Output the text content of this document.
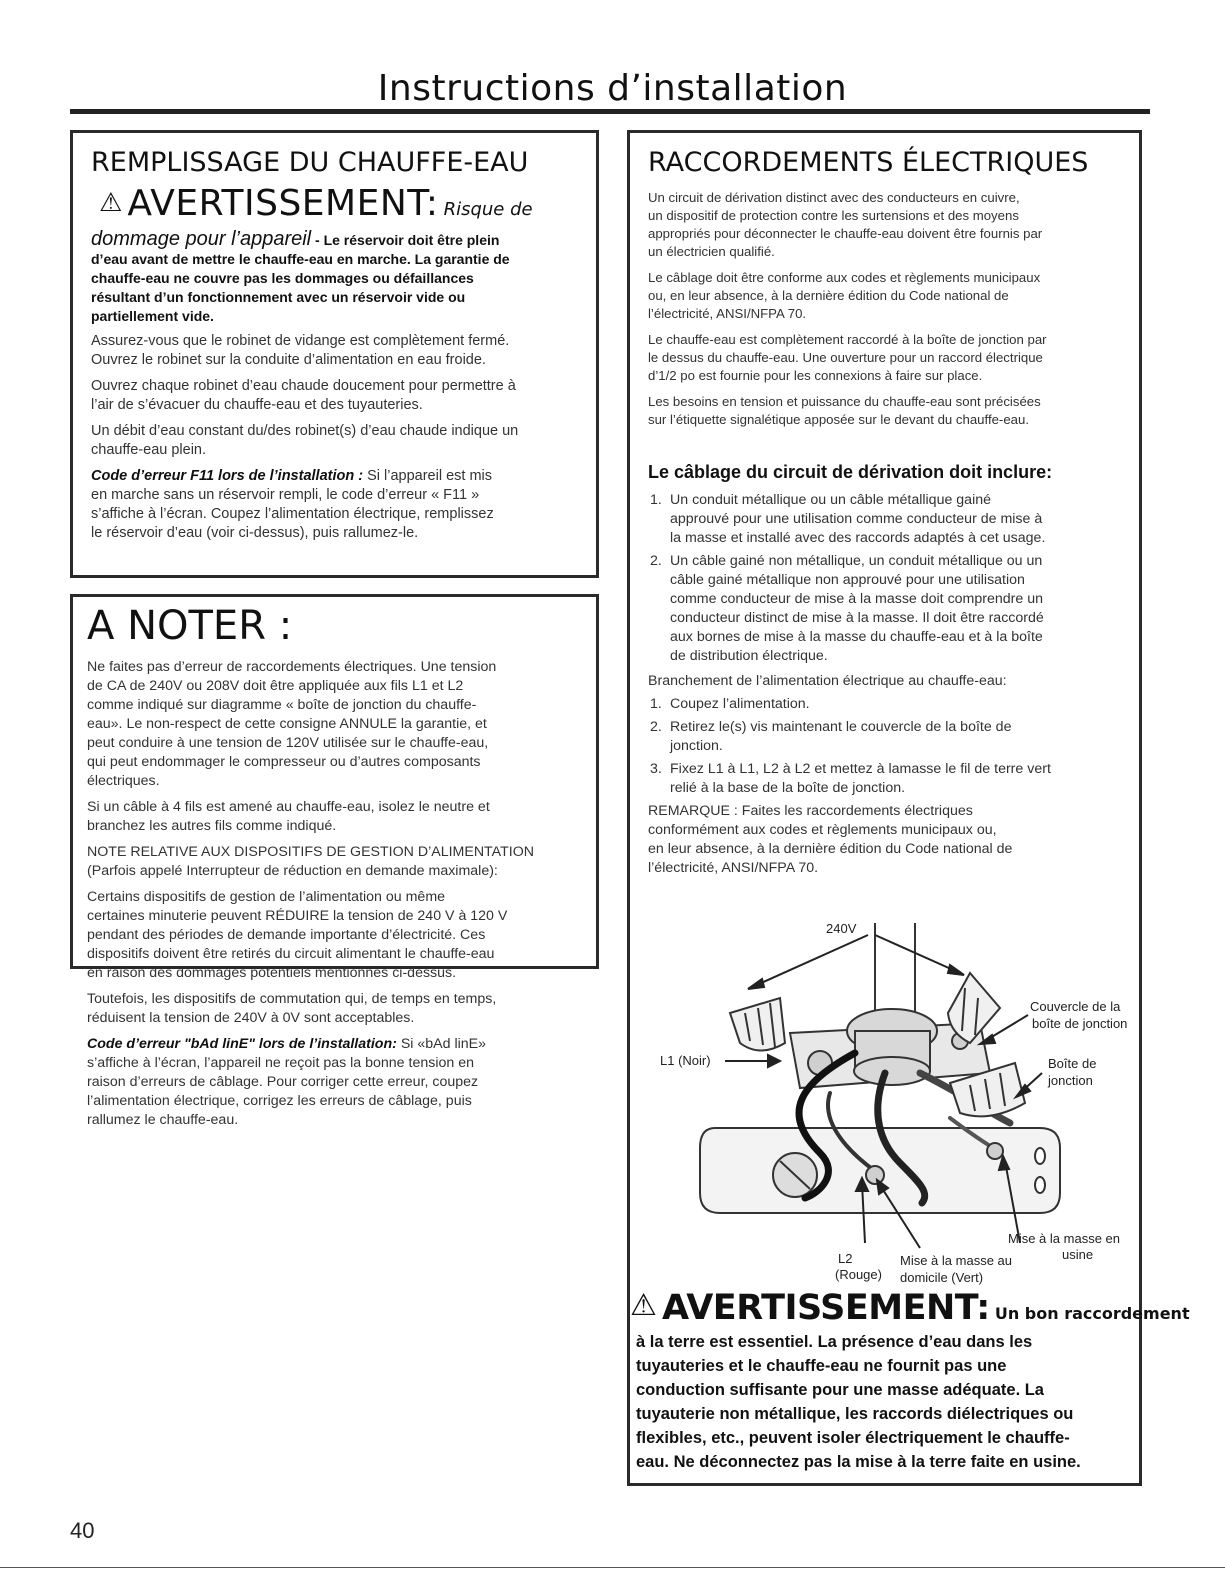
Instructions d’installation
REMPLISSAGE DU CHAUFFE-EAU
⚠ AVERTISSEMENT: Risque de
dommage pour l’appareil - Le réservoir doit être plein
d’eau avant de mettre le chauffe-eau en marche. La garantie de
chauffe-eau ne couvre pas les dommages ou défaillances
résultant d’un fonctionnement avec un réservoir vide ou
partiellement vide.
Assurez-vous que le robinet de vidange est complètement fermé.
Ouvrez le robinet sur la conduite d’alimentation en eau froide.
Ouvrez chaque robinet d’eau chaude doucement pour permettre à
l’air de s’évacuer du chauffe-eau et des tuyauteries.
Un débit d’eau constant du/des robinet(s) d’eau chaude indique un
chauffe-eau plein.
Code d’erreur F11 lors de l’installation : Si l’appareil est mis
en marche sans un réservoir rempli, le code d’erreur « F11 »
s’affiche à l’écran. Coupez l’alimentation électrique, remplissez
le réservoir d’eau (voir ci-dessus), puis rallumez-le.
A NOTER :
Ne faites pas d’erreur de raccordements électriques. Une tension
de CA de 240V ou 208V doit être appliquée aux fils L1 et L2
comme indiqué sur diagramme « boîte de jonction du chauffe-
eau». Le non-respect de cette consigne ANNULE la garantie, et
peut conduire à une tension de 120V utilisée sur le chauffe-eau,
qui peut endommager le compresseur ou d’autres composants
électriques.
Si un câble à 4 fils est amené au chauffe-eau, isolez le neutre et
branchez les autres fils comme indiqué.
NOTE RELATIVE AUX DISPOSITIFS DE GESTION D’ALIMENTATION
(Parfois appelé Interrupteur de réduction en demande maximale):
Certains dispositifs de gestion de l’alimentation ou même
certaines minuterie peuvent RÉDUIRE la tension de 240 V à 120 V
pendant des périodes de demande importante d’électricité. Ces
dispositifs doivent être retirés du circuit alimentant le chauffe-eau
en raison des dommages potentiels mentionnés ci-dessus.
Toutefois, les dispositifs de commutation qui, de temps en temps,
réduisent la tension de 240V à 0V sont acceptables.
Code d’erreur "bAd linE" lors de l’installation: Si «bAd linE»
s’affiche à l’écran, l’appareil ne reçoit pas la bonne tension en
raison d’erreurs de câblage. Pour corriger cette erreur, coupez
l’alimentation électrique, corrigez les erreurs de câblage, puis
rallumez le chauffe-eau.
RACCORDEMENTS ÉLECTRIQUES
Un circuit de dérivation distinct avec des conducteurs en cuivre,
un dispositif de protection contre les surtensions et des moyens
appropriés pour déconnecter le chauffe-eau doivent être fournis par
un électricien qualifié.
Le câblage doit être conforme aux codes et règlements municipaux
ou, en leur absence, à la dernière édition du Code national de
l’électricité, ANSI/NFPA 70.
Le chauffe-eau est complètement raccordé à la boîte de jonction par
le dessus du chauffe-eau. Une ouverture pour un raccord électrique
d’1/2 po est fournie pour les connexions à faire sur place.
Les besoins en tension et puissance du chauffe-eau sont précisées
sur l’étiquette signalétique apposée sur le devant du chauffe-eau.
Le câblage du circuit de dérivation doit inclure:
1. Un conduit métallique ou un câble métallique gainé
approuvé pour une utilisation comme conducteur de mise à
la masse et installé avec des raccords adaptés à cet usage.
2. Un câble gainé non métallique, un conduit métallique ou un
câble gainé métallique non approuvé pour une utilisation
comme conducteur de mise à la masse doit comprendre un
conducteur distinct de mise à la masse. Il doit être raccordé
aux bornes de mise à la masse du chauffe-eau et à la boîte
de distribution électrique.
Branchement de l’alimentation électrique au chauffe-eau:
1. Coupez l’alimentation.
2. Retirez le(s) vis maintenant le couvercle de la boîte de
jonction.
3. Fixez L1 à L1, L2 à L2 et mettez à lamasse le fil de terre vert
relié à la base de la boîte de jonction.
REMARQUE : Faites les raccordements électriques
conformément aux codes et règlements municipaux ou,
en leur absence, à la dernière édition du Code national de
l’électricité, ANSI/NFPA 70.
240V
Couvercle de la
boîte de jonction
L1 (Noir)	Boîte de
jonction
L2
(Rouge)
Mise à la masse au
domicile (Vert)
Mise à la masse en
usine
⚠ AVERTISSEMENT: Un bon raccordement
à la terre est essentiel. La présence d’eau dans les
tuyauteries et le chauffe-eau ne fournit pas une
conduction suffisante pour une masse adéquate. La
tuyauterie non métallique, les raccords diélectriques ou
flexibles, etc., peuvent isoler électriquement le chauffe-
eau. Ne déconnectez pas la mise à la terre faite en usine.
40
